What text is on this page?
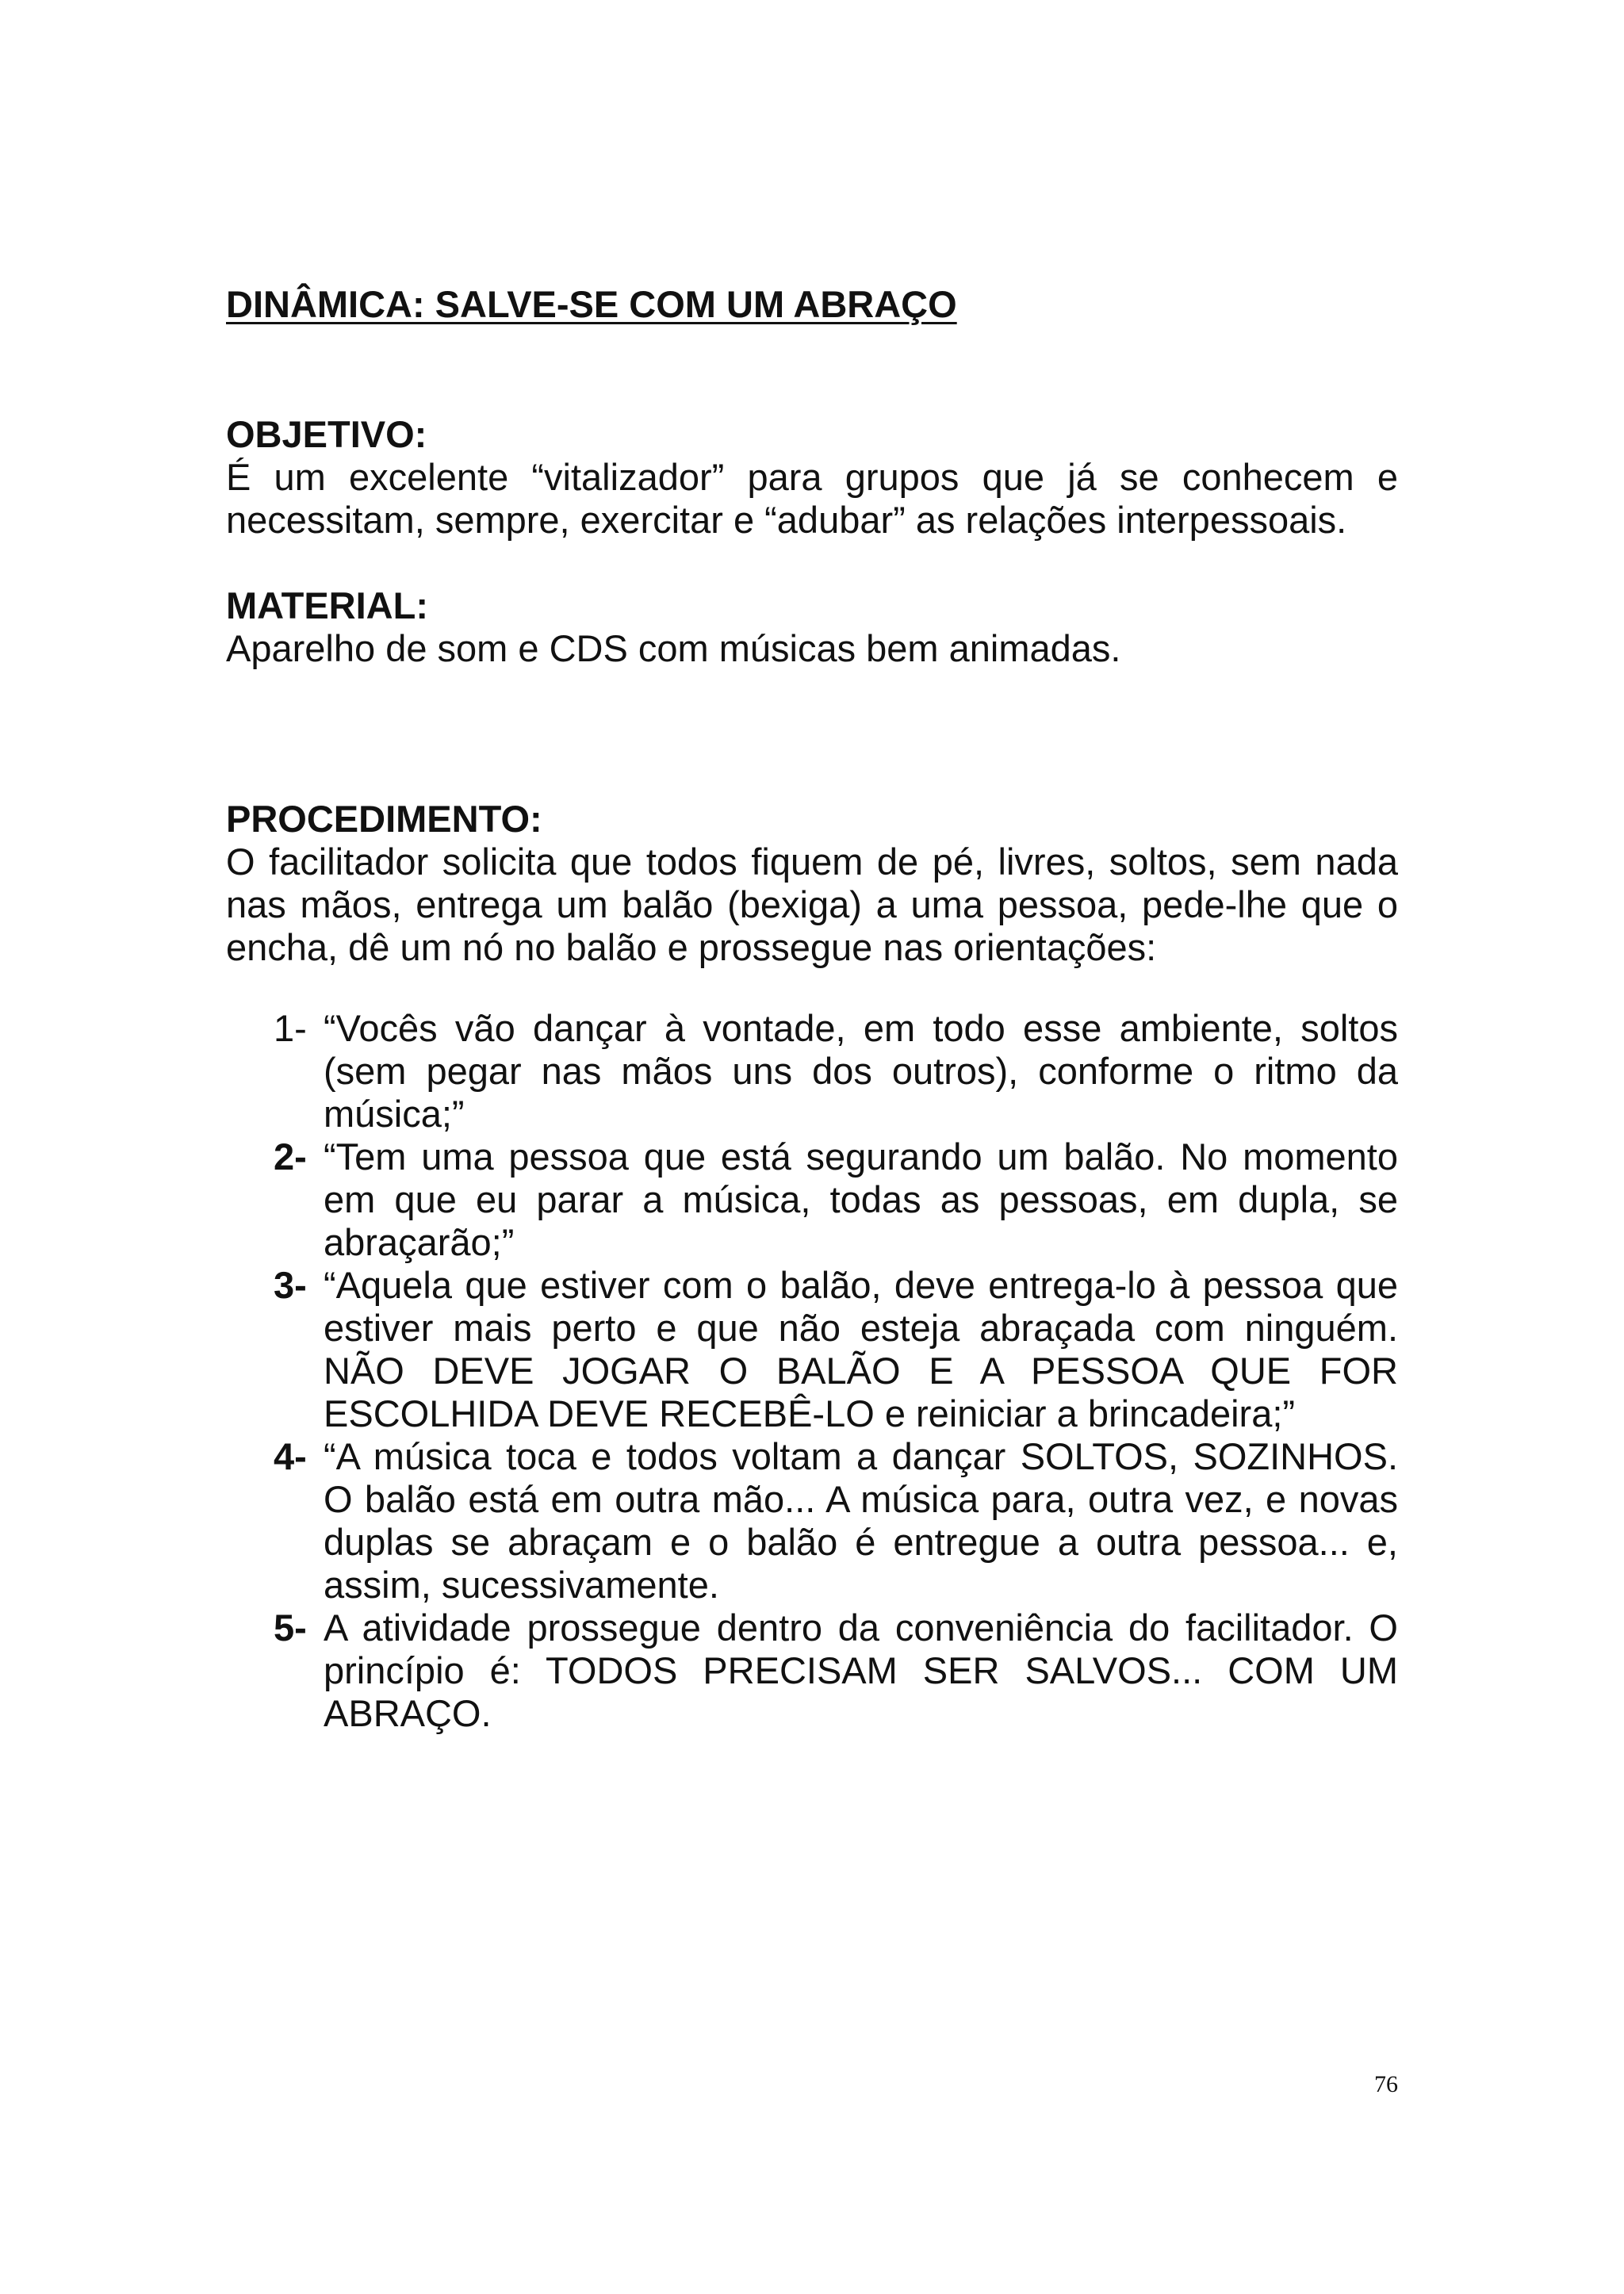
DINÂMICA: SALVE-SE COM UM ABRAÇO
OBJETIVO:

É um excelente “vitalizador” para grupos que já se conhecem e necessitam, sempre, exercitar e “adubar” as relações interpessoais.

MATERIAL:

Aparelho de som e CDS com músicas bem animadas.

PROCEDIMENTO:

O facilitador solicita que todos fiquem de pé, livres, soltos, sem nada nas mãos, entrega um balão (bexiga) a uma pessoa, pede-lhe que o encha, dê um nó no balão e prossegue nas orientações:

1- “Vocês vão dançar à vontade, em todo esse ambiente, soltos (sem pegar nas mãos uns dos outros), conforme o ritmo da música;”
2- “Tem uma pessoa que está segurando um balão. No momento em que eu parar a música, todas as pessoas, em dupla, se abraçarão;”
3- “Aquela que estiver com o balão, deve entrega-lo à pessoa que estiver mais perto e que não esteja abraçada com ninguém. NÃO DEVE JOGAR O BALÃO E A PESSOA QUE FOR ESCOLHIDA DEVE RECEBÊ-LO e reiniciar a brincadeira;”
4- “A música toca e todos voltam a dançar SOLTOS, SOZINHOS. O balão está em outra mão... A música para, outra vez, e novas duplas se abraçam e o balão é entregue a outra pessoa... e, assim, sucessivamente.
5- A atividade prossegue dentro da conveniência do facilitador. O princípio é: TODOS PRECISAM SER SALVOS... COM UM ABRAÇO.

76
